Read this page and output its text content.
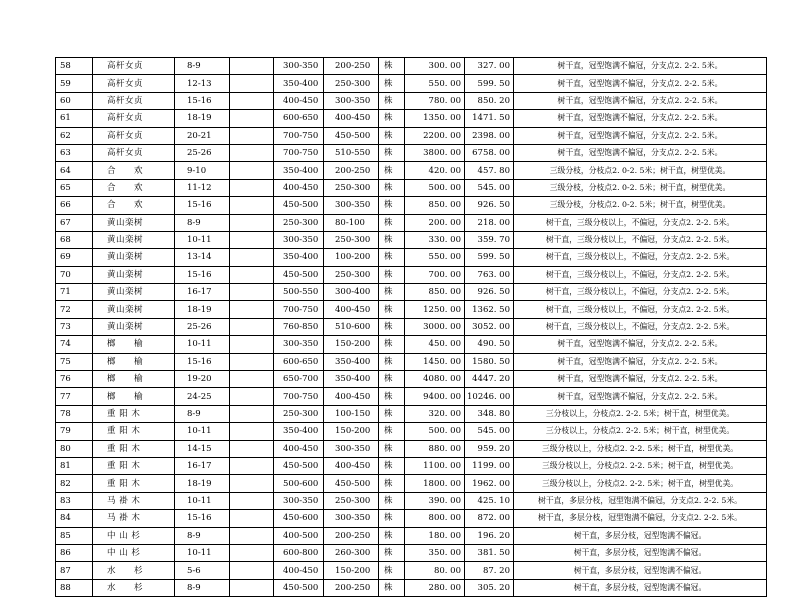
58	高杆女贞	8-9		300-350	200-250	株	300. 00	327. 00	树干直，冠型饱满不偏冠，分支点2. 2-2. 5米。
59	高杆女贞	12-13		350-400	250-300	株	550. 00	599. 50	树干直，冠型饱满不偏冠，分支点2. 2-2. 5米。
60	高杆女贞	15-16		400-450	300-350	株	780. 00	850. 20	树干直，冠型饱满不偏冠，分支点2. 2-2. 5米。
61	高杆女贞	18-19		600-650	400-450	株	1350. 00	1471. 50	树干直，冠型饱满不偏冠，分支点2. 2-2. 5米。
62	高杆女贞	20-21		700-750	450-500	株	2200. 00	2398. 00	树干直，冠型饱满不偏冠，分支点2. 2-2. 5米。
63	高杆女贞	25-26		700-750	510-550	株	3800. 00	6758. 00	树干直，冠型饱满不偏冠，分支点2. 2-2. 5米。
64	合　　欢	9-10		350-400	200-250	株	420. 00	457. 80	三级分枝，分枝点2. 0-2. 5米；树干直，树型优美。
65	合　　欢	11-12		400-450	250-300	株	500. 00	545. 00	三级分枝，分枝点2. 0-2. 5米；树干直，树型优美。
66	合　　欢	15-16		450-500	300-350	株	850. 00	926. 50	三级分枝，分枝点2. 0-2. 5米；树干直，树型优美。
67	黄山栾树	8-9		250-300	80-100	株	200. 00	218. 00	树干直，三级分枝以上，不偏冠，分支点2. 2-2. 5米。
68	黄山栾树	10-11		300-350	250-300	株	330. 00	359. 70	树干直，三级分枝以上，不偏冠，分支点2. 2-2. 5米。
69	黄山栾树	13-14		350-400	100-200	株	550. 00	599. 50	树干直，三级分枝以上，不偏冠，分支点2. 2-2. 5米。
70	黄山栾树	15-16		450-500	250-300	株	700. 00	763. 00	树干直，三级分枝以上，不偏冠，分支点2. 2-2. 5米。
71	黄山栾树	16-17		500-550	300-400	株	850. 00	926. 50	树干直，三级分枝以上，不偏冠，分支点2. 2-2. 5米。
72	黄山栾树	18-19		700-750	400-450	株	1250. 00	1362. 50	树干直，三级分枝以上，不偏冠，分支点2. 2-2. 5米。
73	黄山栾树	25-26		760-850	510-600	株	3000. 00	3052. 00	树干直，三级分枝以上，不偏冠，分支点2. 2-2. 5米。
74	榔　　榆	10-11		300-350	150-200	株	450. 00	490. 50	树干直，冠型饱满不偏冠，分支点2. 2-2. 5米。
75	榔　　榆	15-16		600-650	350-400	株	1450. 00	1580. 50	树干直，冠型饱满不偏冠，分支点2. 2-2. 5米。
76	榔　　榆	19-20		650-700	350-400	株	4080. 00	4447. 20	树干直，冠型饱满不偏冠，分支点2. 2-2. 5米。
77	榔　　榆	24-25		700-750	400-450	株	9400. 00	10246. 00	树干直，冠型饱满不偏冠，分支点2. 2-2. 5米。
78	重 阳 木	8-9		250-300	100-150	株	320. 00	348. 80	三分枝以上，分枝点2. 2-2. 5米；树干直，树型优美。
79	重 阳 木	10-11		350-400	150-200	株	500. 00	545. 00	三分枝以上，分枝点2. 2-2. 5米；树干直，树型优美。
80	重 阳 木	14-15		400-450	300-350	株	880. 00	959. 20	三级分枝以上，分枝点2. 2-2. 5米；树干直，树型优美。
81	重 阳 木	16-17		450-500	400-450	株	1100. 00	1199. 00	三级分枝以上，分枝点2. 2-2. 5米；树干直，树型优美。
82	重 阳 木	18-19		500-600	450-500	株	1800. 00	1962. 00	三级分枝以上，分枝点2. 2-2. 5米；树干直，树型优美。
83	马 褂 木	10-11		300-350	250-300	株	390. 00	425. 10	树干直，多层分枝，冠型饱满不偏冠，分支点2. 2-2. 5米。
84	马 褂 木	15-16		450-600	300-350	株	800. 00	872. 00	树干直，多层分枝，冠型饱满不偏冠，分支点2. 2-2. 5米。
85	中 山 杉	8-9		400-500	200-250	株	180. 00	196. 20	树干直，多层分枝，冠型饱满不偏冠。
86	中 山 杉	10-11		600-800	260-300	株	350. 00	381. 50	树干直，多层分枝，冠型饱满不偏冠。
87	水　　杉	5-6		400-450	150-200	株	80. 00	87. 20	树干直，多层分枝，冠型饱满不偏冠。
88	水　　杉	8-9		450-500	200-250	株	280. 00	305. 20	树干直，多层分枝，冠型饱满不偏冠。
